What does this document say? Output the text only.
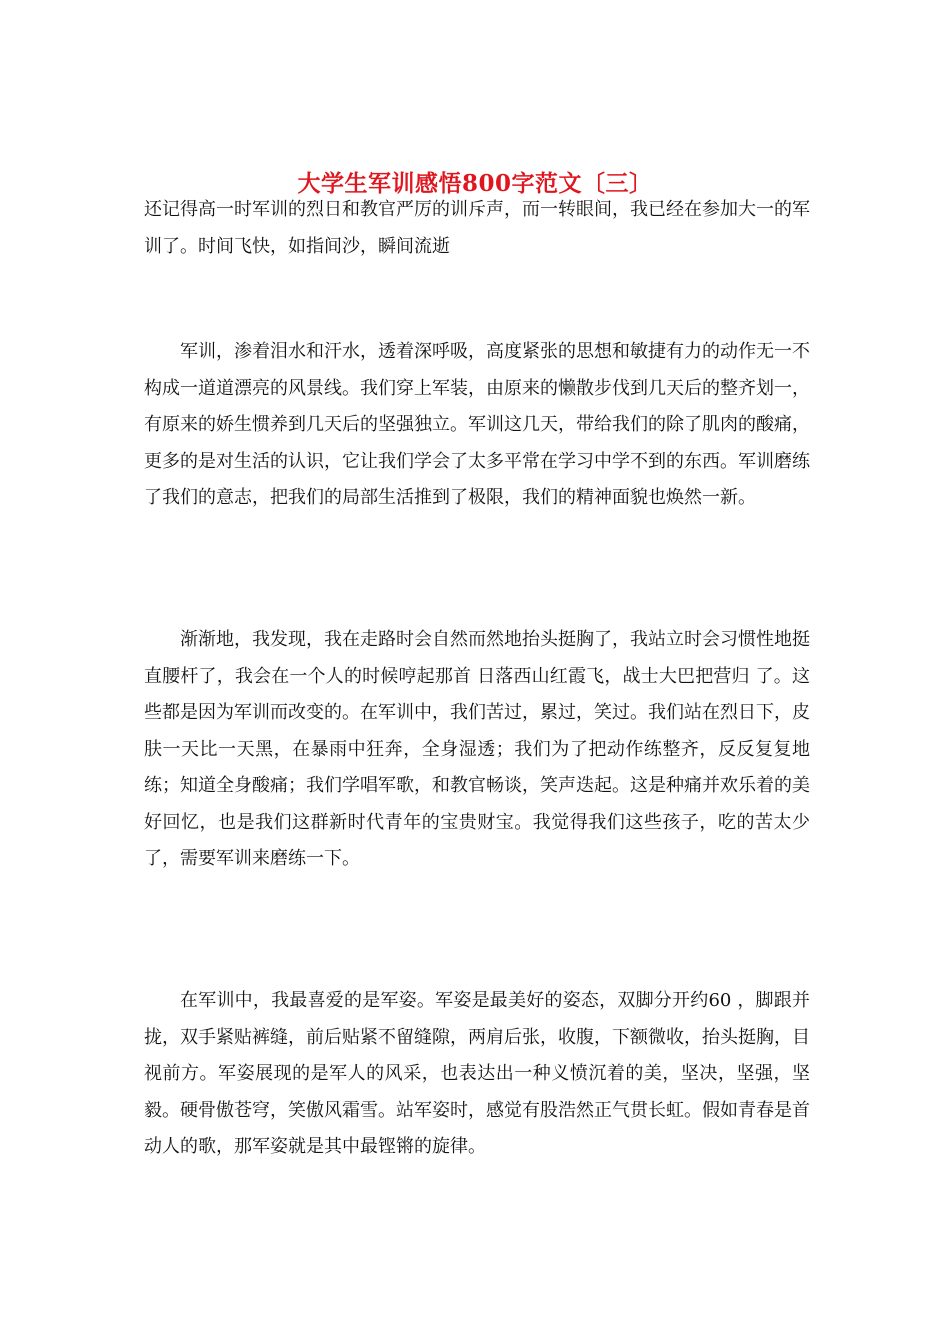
大学生军训感悟800字范文〔三〕

还记得高一时军训的烈日和教官严厉的训斥声，而一转眼间，我已经在参加大一的军训了。时间飞快，如指间沙，瞬间流逝

军训，渗着泪水和汗水，透着深呼吸，高度紧张的思想和敏捷有力的动作无一不构成一道道漂亮的风景线。我们穿上军装，由原来的懒散步伐到几天后的整齐划一，有原来的娇生惯养到几天后的坚强独立。军训这几天，带给我们的除了肌肉的酸痛，更多的是对生活的认识，它让我们学会了太多平常在学习中学不到的东西。军训磨练了我们的意志，把我们的局部生活推到了极限，我们的精神面貌也焕然一新。

渐渐地，我发现，我在走路时会自然而然地抬头挺胸了，我站立时会习惯性地挺直腰杆了，我会在一个人的时候哼起那首 日落西山红霞飞，战士大巴把营归 了。这些都是因为军训而改变的。在军训中，我们苦过，累过，笑过。我们站在烈日下，皮肤一天比一天黑，在暴雨中狂奔，全身湿透；我们为了把动作练整齐，反反复复地练；知道全身酸痛；我们学唱军歌，和教官畅谈，笑声迭起。这是种痛并欢乐着的美好回忆，也是我们这群新时代青年的宝贵财宝。我觉得我们这些孩子，吃的苦太少了，需要军训来磨练一下。

在军训中，我最喜爱的是军姿。军姿是最美好的姿态，双脚分开约60 ，脚跟并拢，双手紧贴裤缝，前后贴紧不留缝隙，两肩后张，收腹，下额微收，抬头挺胸，目视前方。军姿展现的是军人的风采，也表达出一种义愤沉着的美，坚决，坚强，坚毅。硬骨傲苍穹，笑傲风霜雪。站军姿时，感觉有股浩然正气贯长虹。假如青春是首动人的歌，那军姿就是其中最铿锵的旋律。
